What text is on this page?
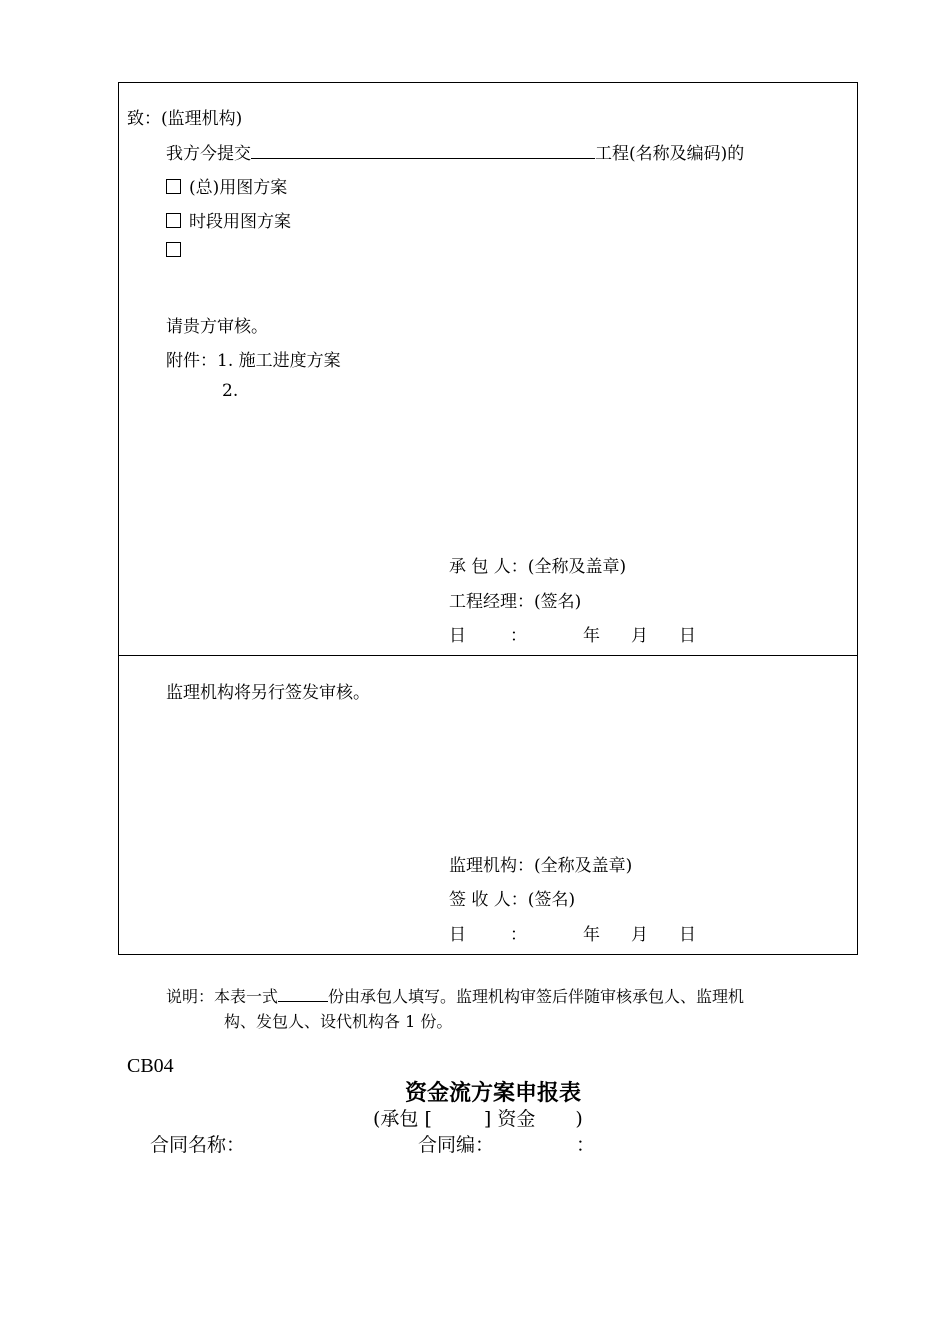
致：(监理机构)
我方今提交	工程(名称及编码)的
(总)用图方案
时段用图方案
请贵方审核。
附件：1. 施工进度方案
2.
承 包 人：(全称及盖章)
工程经理：(签名)
日	：	年 月 日
监理机构将另行签发审核。
监理机构：(全称及盖章)
签 收 人：(签名)
日	：	年 月 日
说明：本表一式	份由承包人填写。监理机构审签后伴随审核承包人、监理机
构、发包人、设代机构各 1 份。
CB04
资金流方案申报表
(承包 [	] 资金 )
合同名称：	合同编：	：
